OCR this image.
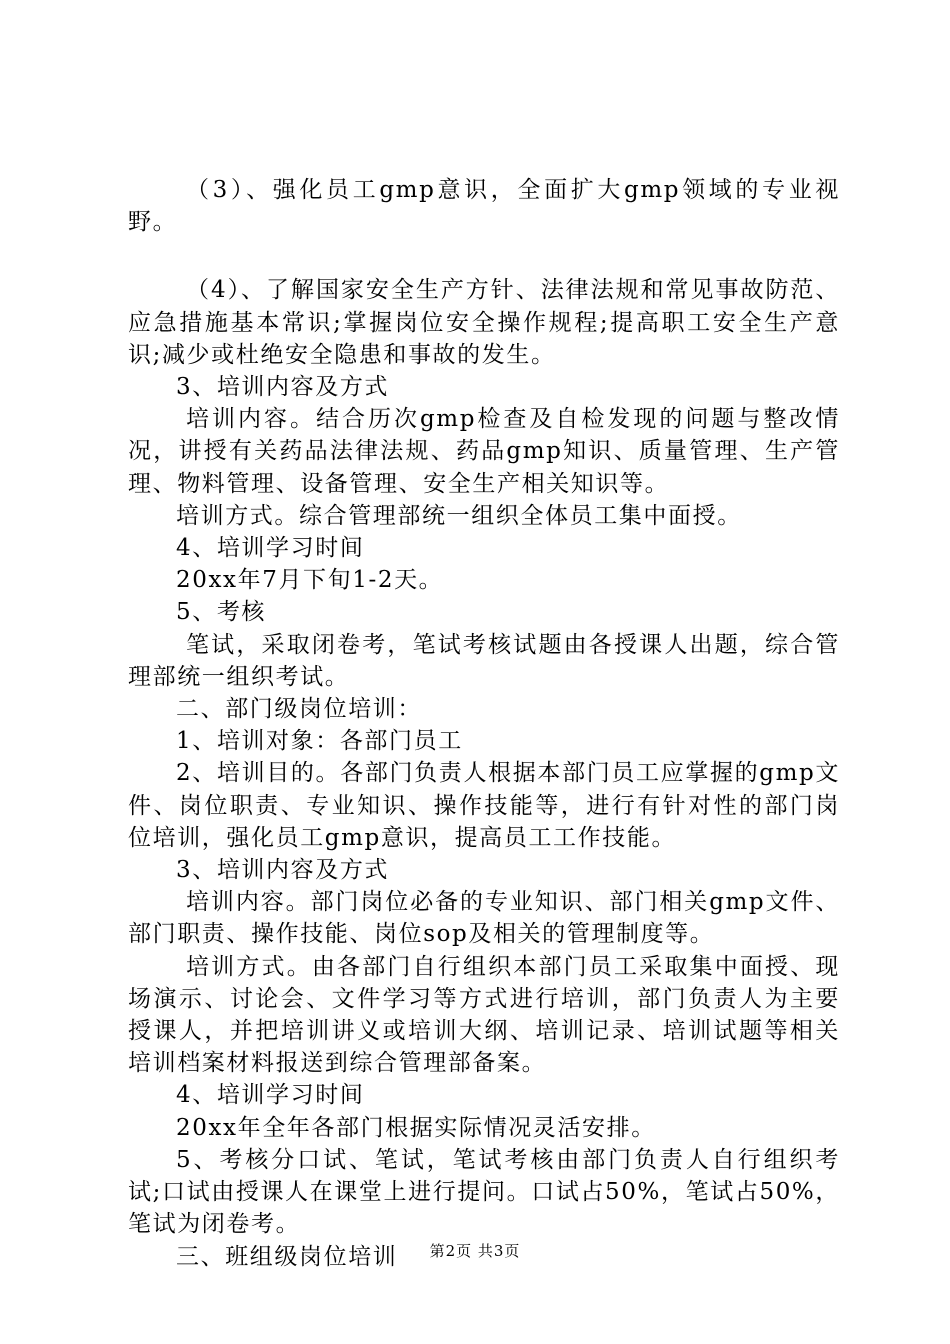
（3）、强化员工gmp意识，全面扩大gmp领域的专业视野。

（4）、了解国家安全生产方针、法律法规和常见事故防范、应急措施基本常识;掌握岗位安全操作规程;提高职工安全生产意识;减少或杜绝安全隐患和事故的发生。

3、培训内容及方式

培训内容。结合历次gmp检查及自检发现的问题与整改情况，讲授有关药品法律法规、药品gmp知识、质量管理、生产管理、物料管理、设备管理、安全生产相关知识等。

培训方式。综合管理部统一组织全体员工集中面授。

4、培训学习时间

20xx年7月下旬1-2天。

5、考核

笔试，采取闭卷考，笔试考核试题由各授课人出题，综合管理部统一组织考试。

二、部门级岗位培训：

1、培训对象：各部门员工

2、培训目的。各部门负责人根据本部门员工应掌握的gmp文件、岗位职责、专业知识、操作技能等，进行有针对性的部门岗位培训，强化员工gmp意识，提高员工工作技能。

3、培训内容及方式

培训内容。部门岗位必备的专业知识、部门相关gmp文件、部门职责、操作技能、岗位sop及相关的管理制度等。

培训方式。由各部门自行组织本部门员工采取集中面授、现场演示、讨论会、文件学习等方式进行培训，部门负责人为主要授课人，并把培训讲义或培训大纲、培训记录、培训试题等相关培训档案材料报送到综合管理部备案。

4、培训学习时间

20xx年全年各部门根据实际情况灵活安排。

5、考核分口试、笔试，笔试考核由部门负责人自行组织考试;口试由授课人在课堂上进行提问。口试占50%，笔试占50%，笔试为闭卷考。

三、班组级岗位培训	第2页 共3页
